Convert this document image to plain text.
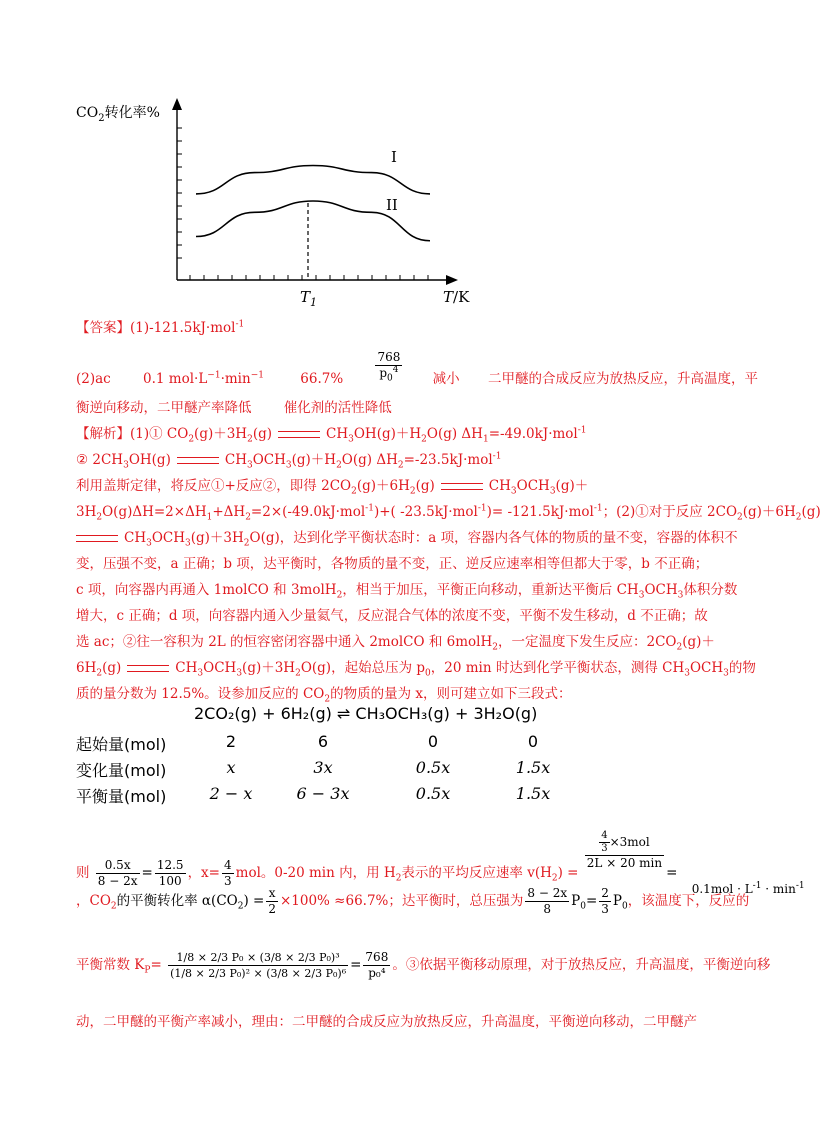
$CO_2$转化率%
I
II
$T_1$	T/K
【答案】(1)-121.5kJ·mol$^{-1}$
(2)ac 0.1 $mol\cdot L^{-1}\cdot\min^{-1}$	66.7%	$\frac{768}{p_0^4}$ 减小 二甲醚的合成反应为放热反应，升高温度，平
衡逆向移动，二甲醚产率降低 催化剂的活性降低
【解析】(1)① $CO_2(g)+3H_2(g)$	$CH_3OH(g)+H_2O(g)$ $\Delta H_1=-49.0kJ\cdot mol^{-1}$
② $2CH_3OH(g)$	$CH_3OCH_3(g)+H_2O(g)$ $\Delta H_2=-23.5kJ\cdot mol^{-1}$
利用盖斯定律，将反应①+反应②，即得 $2CO_2(g)+6H_2(g)$	$CH_3OCH_3(g)+$
$3H_2O(g)\Delta H=2\times\Delta H_1+\Delta H_2=2\times(-49.0kJ\cdot mol^{-1})+$( -23.5kJ·mol$^{-1}$)= -121.5kJ·mol$^{-1}$；(2)①对于反应 $2CO_2(g)+6H_2(g)$
$CH_3OCH_3(g)+3H_2O(g)$，达到化学平衡状态时：a 项，容器内各气体的物质的量不变，容器的体积不
变，压强不变，a 正确；b 项，达平衡时，各物质的量不变，正、逆反应速率相等但都大于零，b 不正确；
c 项，向容器内再通入 1molCO 和 3molH$_2$，相当于加压，平衡正向移动，重新达平衡后 $CH_3OCH_3$体积分数
增大，c 正确；d 项，向容器内通入少量氦气，反应混合气体的浓度不变，平衡不发生移动，d 不正确；故
选 ac；②往一容积为 2L 的恒容密闭容器中通入 2molCO 和 6molH$_2$，一定温度下发生反应：$2CO_2(g)+$
$6H_2(g)$	$CH_3OCH_3(g)+3H_2O(g)$，起始总压为 $p_0$，20 min 时达到化学平衡状态，测得 $CH_3OCH_3$的物
质的量分数为 12.5%。设参加反应的 $CO_2$的物质的量为 x，则可建立如下三段式：
2CO₂(g) + 6H₂(g) ⇌ CH₃OCH₃(g) + 3H₂O(g)
起始量(mol)	2	6	0	0
变化量(mol)	x	3x	0.5x	1.5x
平衡量(mol)	2 − x	6 − 3x	0.5x	1.5x
则 $\frac{0.5x}{8 - 2x} = \frac{12.5}{100}$ ，$x= \frac{4}{3}$ mol。0-20 min 内，用 $H_2$表示的平均反应速率 $v(H_2)$ =
$\frac{\frac{4}{3} \times 3mol}{2L \times 20 \min}$
= $0.1mol \cdot L^{-1} \cdot \min^{-1}$
，$CO_2$的平衡转化率 $\alpha(CO_2) = \frac{x}{2} \times 100\% \approx 66.7\%$；达平衡时，总压强为 $\frac{8 - 2x}{8} P_0= \frac{2}{3} P_0$，该温度下，反应的
平衡常数 $K_P= \frac{\text{1/8 × 2/3 P₀ × (3/8 × 2/3 P₀)³}}{\text{(1/8 × 2/3 P₀)² × (3/8 × 2/3 P₀)⁶}} = \frac{768}{\text{p₀⁴}}$ 。③依据平衡移动原理，对于放热反应，升高温度，平衡逆向移
动，二甲醚的平衡产率减小，理由：二甲醚的合成反应为放热反应，升高温度，平衡逆向移动，二甲醚产
